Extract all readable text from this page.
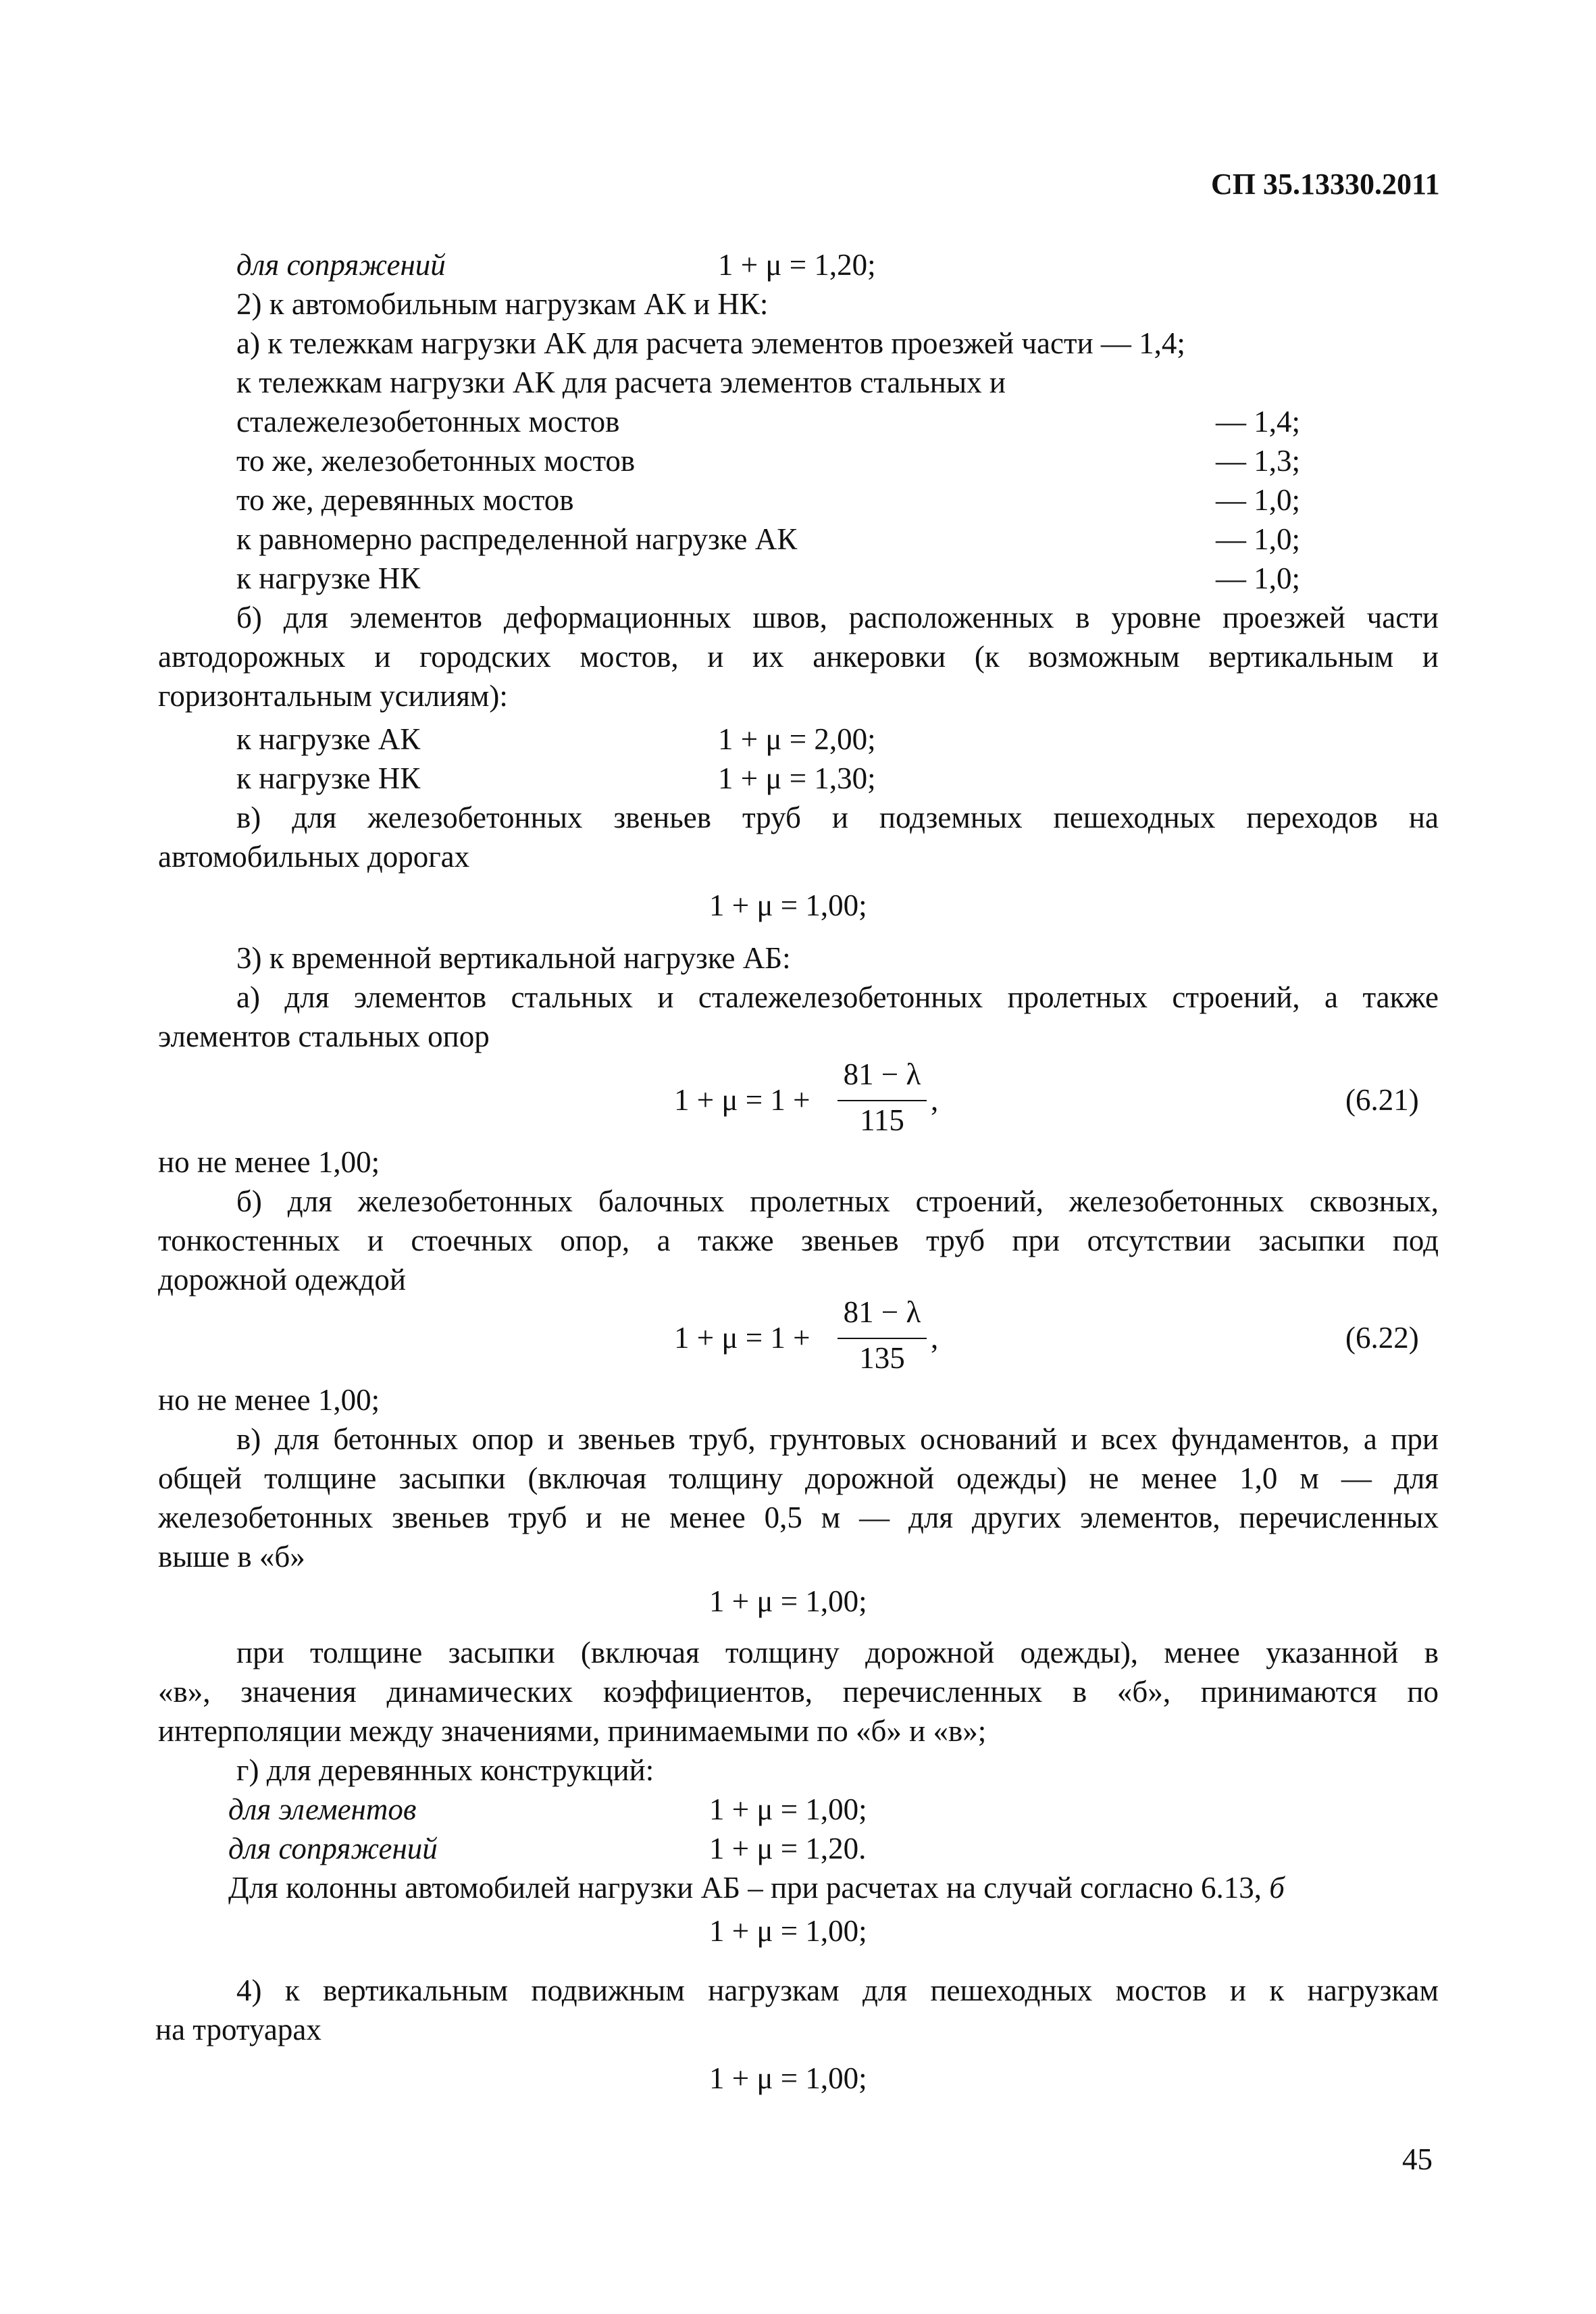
СП 35.13330.2011
для сопряжений	1 + μ = 1,20;
2) к автомобильным нагрузкам АК и НК:
а) к тележкам нагрузки АК для расчета элементов проезжей части — 1,4;
к тележкам нагрузки АК для расчета элементов стальных и
сталежелезобетонных мостов	— 1,4;
то же, железобетонных мостов	— 1,3;
то же, деревянных мостов	— 1,0;
к равномерно распределенной нагрузке АК	— 1,0;
к нагрузке НК	— 1,0;
б) для элементов деформационных швов, расположенных в уровне проезжей части
автодорожных и городских мостов, и их анкеровки (к возможным вертикальным и
горизонтальным усилиям):
к нагрузке АК	1 + μ = 2,00;
к нагрузке НК	1 + μ = 1,30;
в) для железобетонных звеньев труб и подземных пешеходных переходов на
автомобильных дорогах
1 + μ = 1,00;
3) к временной вертикальной нагрузке АБ:
а) для элементов стальных и сталежелезобетонных пролетных строений, а также
элементов стальных опор
1 + μ = 1 +
81 − λ
115
,	(6.21)
но не менее 1,00;
б) для железобетонных балочных пролетных строений, железобетонных сквозных,
тонкостенных и стоечных опор, а также звеньев труб при отсутствии засыпки под
дорожной одеждой
1 + μ = 1 +
81 − λ
135
,	(6.22)
но не менее 1,00;
в) для бетонных опор и звеньев труб, грунтовых оснований и всех фундаментов, а при
общей толщине засыпки (включая толщину дорожной одежды) не менее 1,0 м — для
железобетонных звеньев труб и не менее 0,5 м — для других элементов, перечисленных
выше в «б»
1 + μ = 1,00;
при толщине засыпки (включая толщину дорожной одежды), менее указанной в
«в», значения динамических коэффициентов, перечисленных в «б», принимаются по
интерполяции между значениями, принимаемыми по «б» и «в»;
г) для деревянных конструкций:
для элементов	1 + μ = 1,00;
для сопряжений	1 + μ = 1,20.
Для колонны автомобилей нагрузки АБ – при расчетах на случай согласно 6.13, б
1 + μ = 1,00;
4) к вертикальным подвижным нагрузкам для пешеходных мостов и к нагрузкам
на тротуарах
1 + μ = 1,00;
45
